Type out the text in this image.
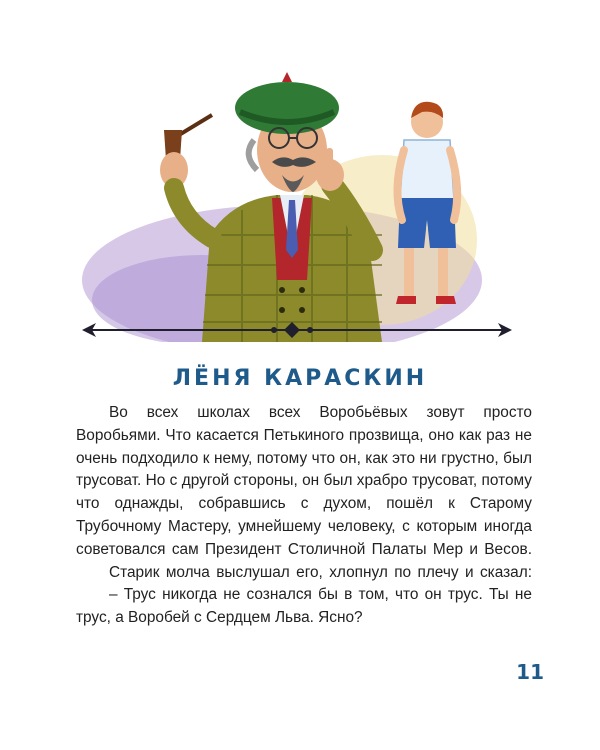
ЛЁНЯ КАРАСКИН

Во всех школах всех Воробьёвых зовут просто Воробьями. Что касается Петькиного прозвища, оно как раз не очень подходило к нему, потому что он, как это ни грустно, был трусоват. Но с другой стороны, он был храбро трусоват, потому что однажды, собравшись с духом, пошёл к Старому Трубочному Мастеру, умнейшему человеку, с которым иногда советовался сам Президент Столичной Палаты Мер и Весов.

Старик молча выслушал его, хлопнул по плечу и сказал:

– Трус никогда не сознался бы в том, что он трус. Ты не трус, а Воробей с Сердцем Льва. Ясно?

11
